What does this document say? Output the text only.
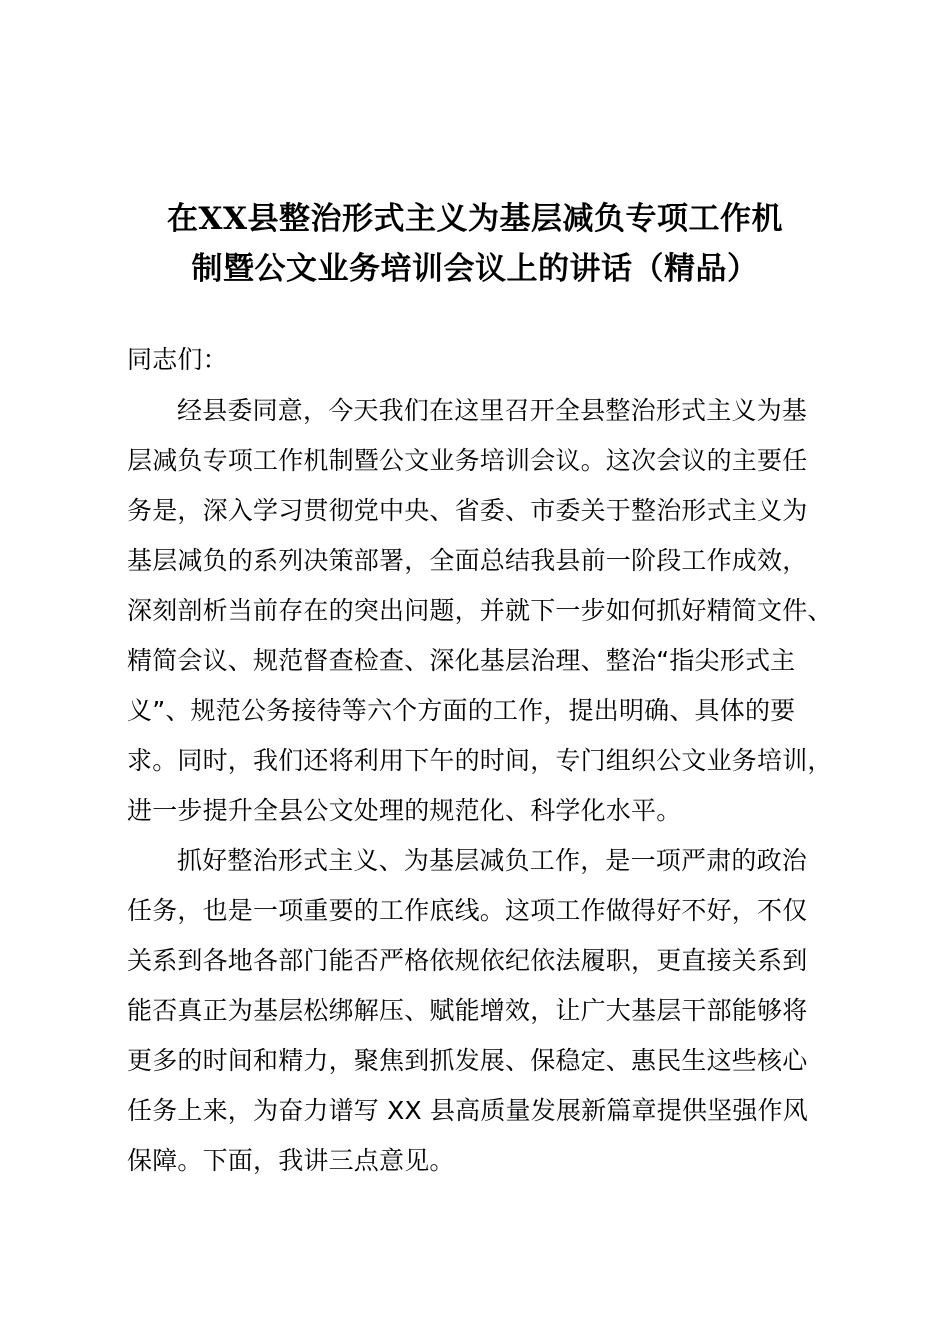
在XX县整治形式主义为基层减负专项工作机
制暨公文业务培训会议上的讲话（精品）
同志们：
经县委同意，今天我们在这里召开全县整治形式主义为基
层减负专项工作机制暨公文业务培训会议。这次会议的主要任
务是，深入学习贯彻党中央、省委、市委关于整治形式主义为
基层减负的系列决策部署，全面总结我县前一阶段工作成效，
深刻剖析当前存在的突出问题，并就下一步如何抓好精简文件、
精简会议、规范督查检查、深化基层治理、整治“指尖形式主
义”、规范公务接待等六个方面的工作，提出明确、具体的要
求。同时，我们还将利用下午的时间，专门组织公文业务培训，
进一步提升全县公文处理的规范化、科学化水平。
抓好整治形式主义、为基层减负工作，是一项严肃的政治
任务，也是一项重要的工作底线。这项工作做得好不好，不仅
关系到各地各部门能否严格依规依纪依法履职，更直接关系到
能否真正为基层松绑解压、赋能增效，让广大基层干部能够将
更多的时间和精力，聚焦到抓发展、保稳定、惠民生这些核心
任务上来，为奋力谱写 XX 县高质量发展新篇章提供坚强作风
保障。下面，我讲三点意见。
